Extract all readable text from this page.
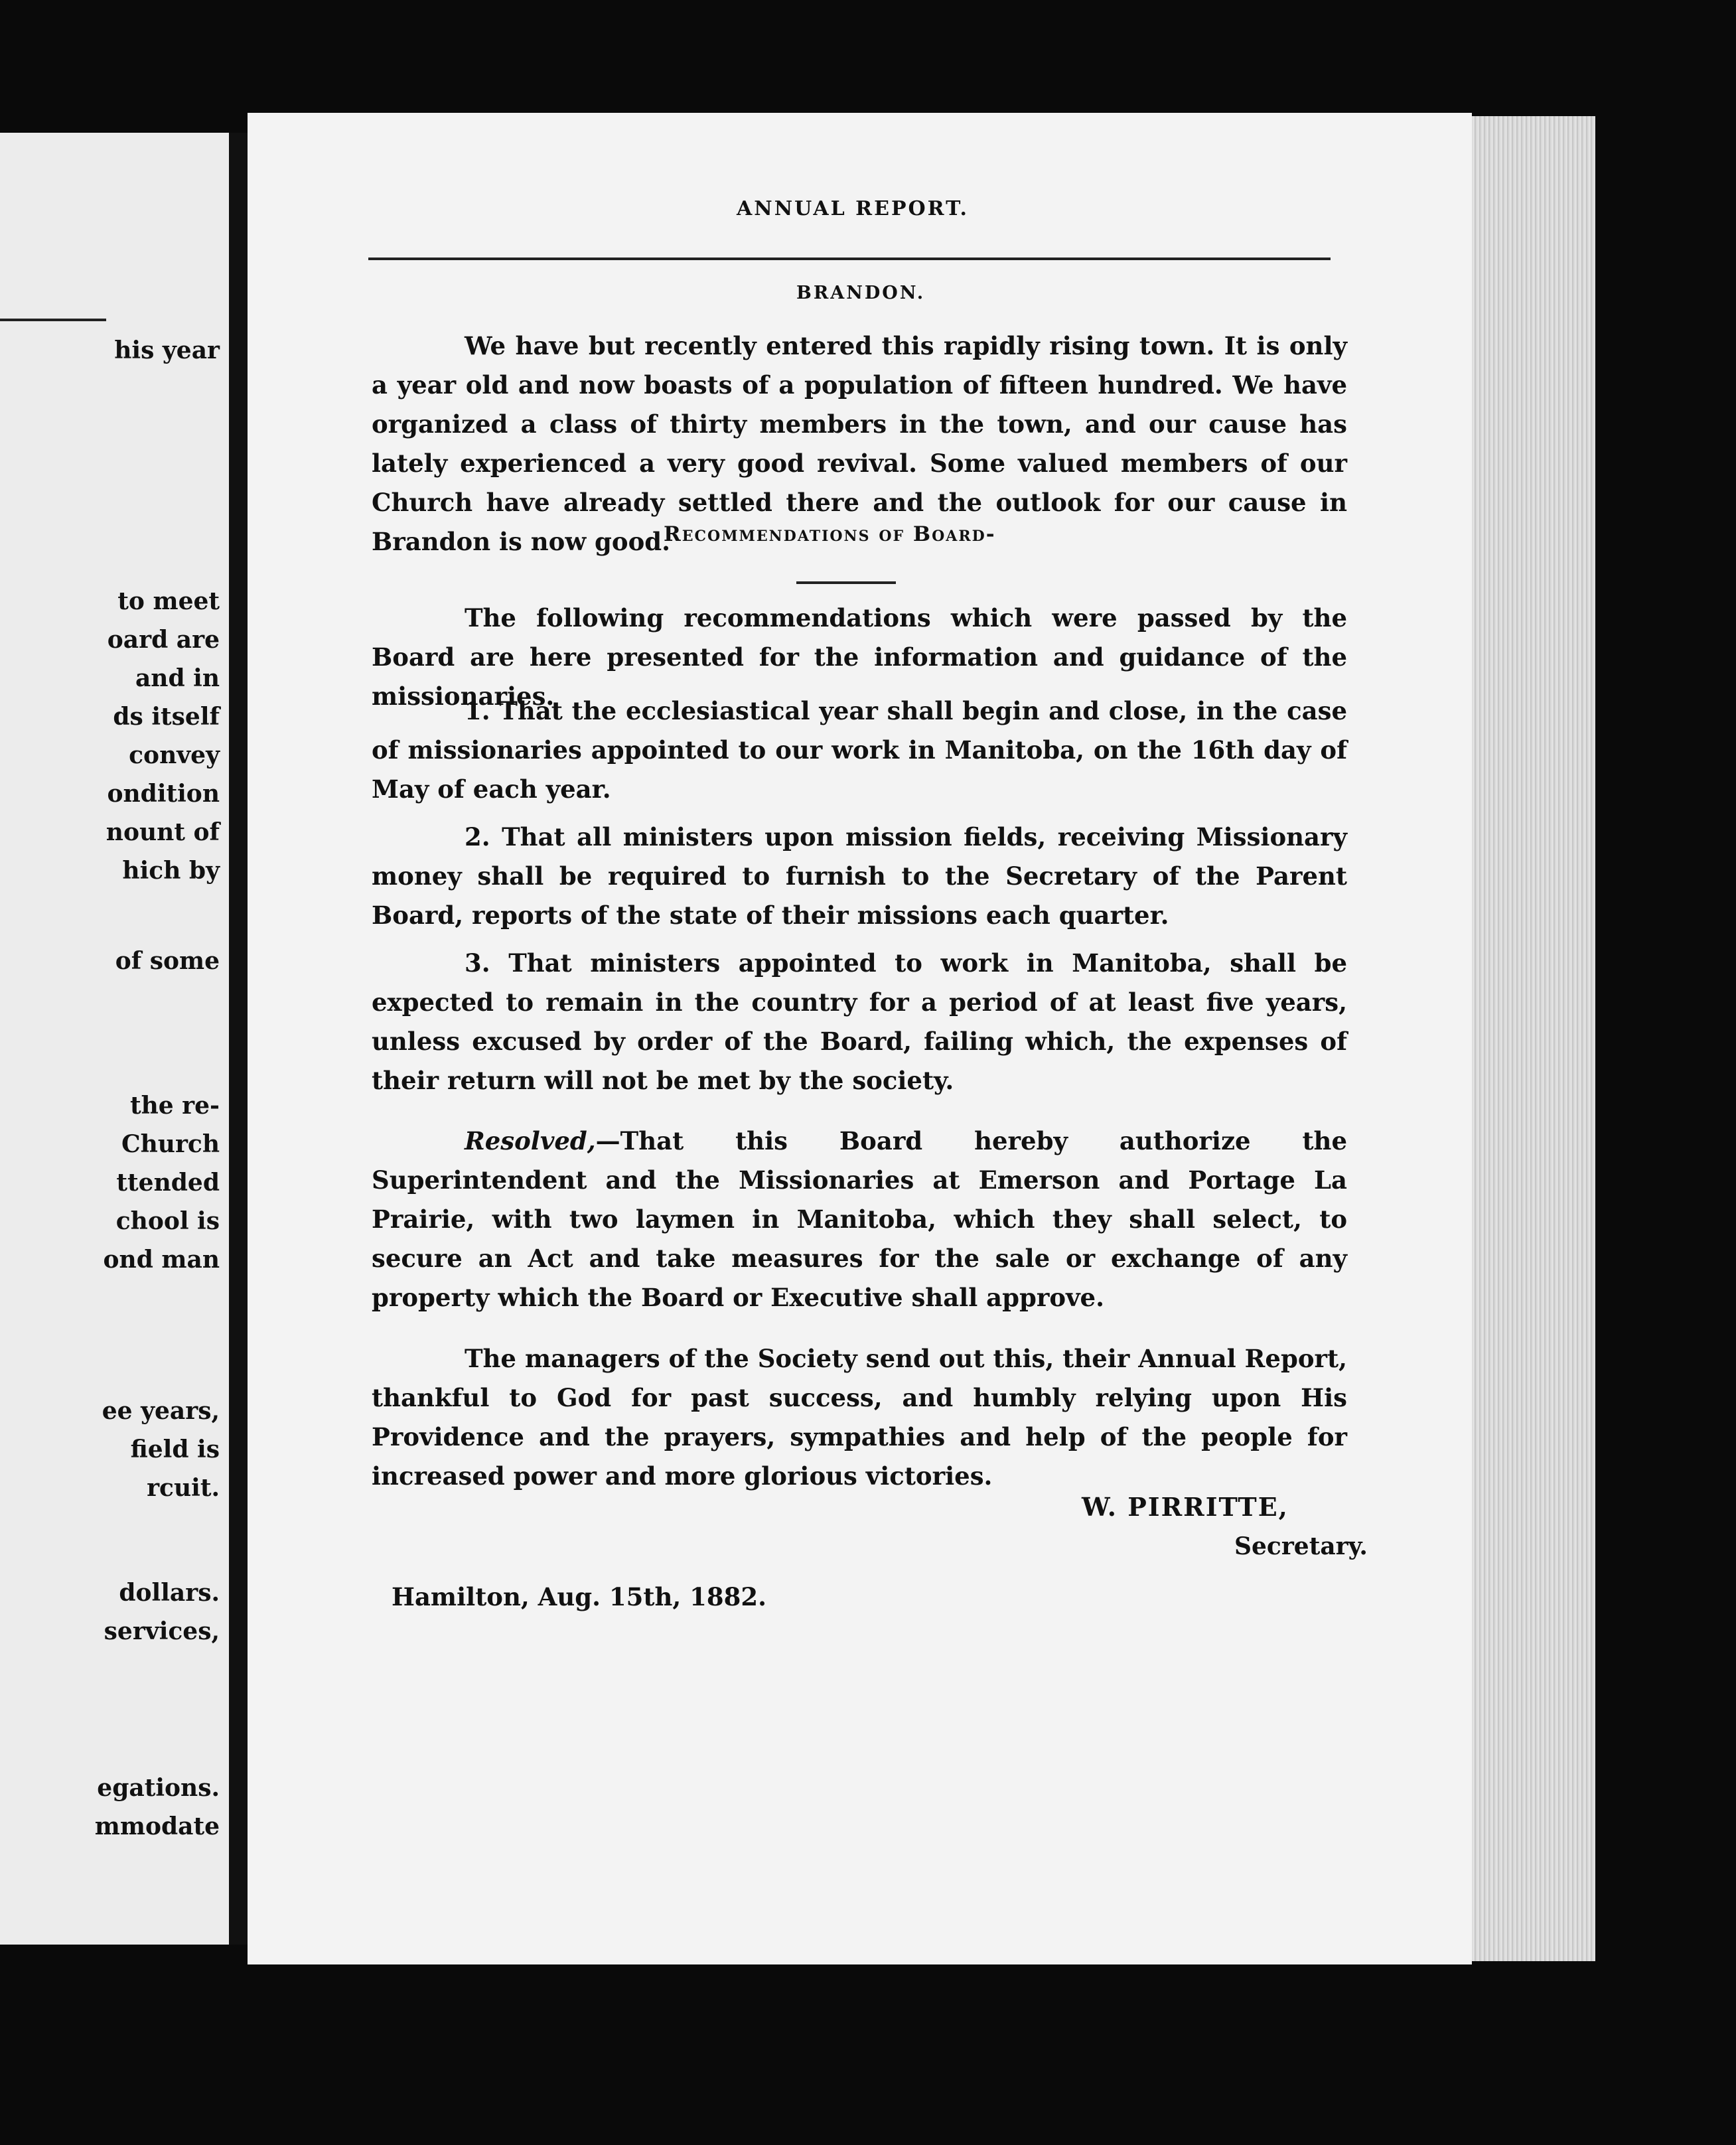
his year
to meet
oard are
and in
ds itself
convey
ondition
nount of
hich by
of some
the re-
Church
ttended
chool is
ond man
ee years,
field is
rcuit.
dollars.
services,
egations.
mmodate
ANNUAL REPORT.
BRANDON.

We have but recently entered this rapidly rising town. It is only a year old and now boasts of a population of fifteen hundred. We have organized a class of thirty members in the town, and our cause has lately experienced a very good revival. Some valued members of our Church have already settled there and the outlook for our cause in Brandon is now good.

Recommendations of Board-

The following recommendations which were passed by the Board are here presented for the information and guidance of the missionaries.

1. That the ecclesiastical year shall begin and close, in the case of missionaries appointed to our work in Manitoba, on the 16th day of May of each year.

2. That all ministers upon mission fields, receiving Missionary money shall be required to furnish to the Secretary of the Parent Board, reports of the state of their missions each quarter.

3. That ministers appointed to work in Manitoba, shall be expected to remain in the country for a period of at least five years, unless excused by order of the Board, failing which, the expenses of their return will not be met by the society.

Resolved,—That this Board hereby authorize the Superintendent and the Missionaries at Emerson and Portage La Prairie, with two laymen in Manitoba, which they shall select, to secure an Act and take measures for the sale or exchange of any property which the Board or Executive shall approve.

The managers of the Society send out this, their Annual Report, thankful to God for past success, and humbly relying upon His Providence and the prayers, sympathies and help of the people for increased power and more glorious victories.

W. PIRRITTE,
Secretary.
Hamilton, Aug. 15th, 1882.
